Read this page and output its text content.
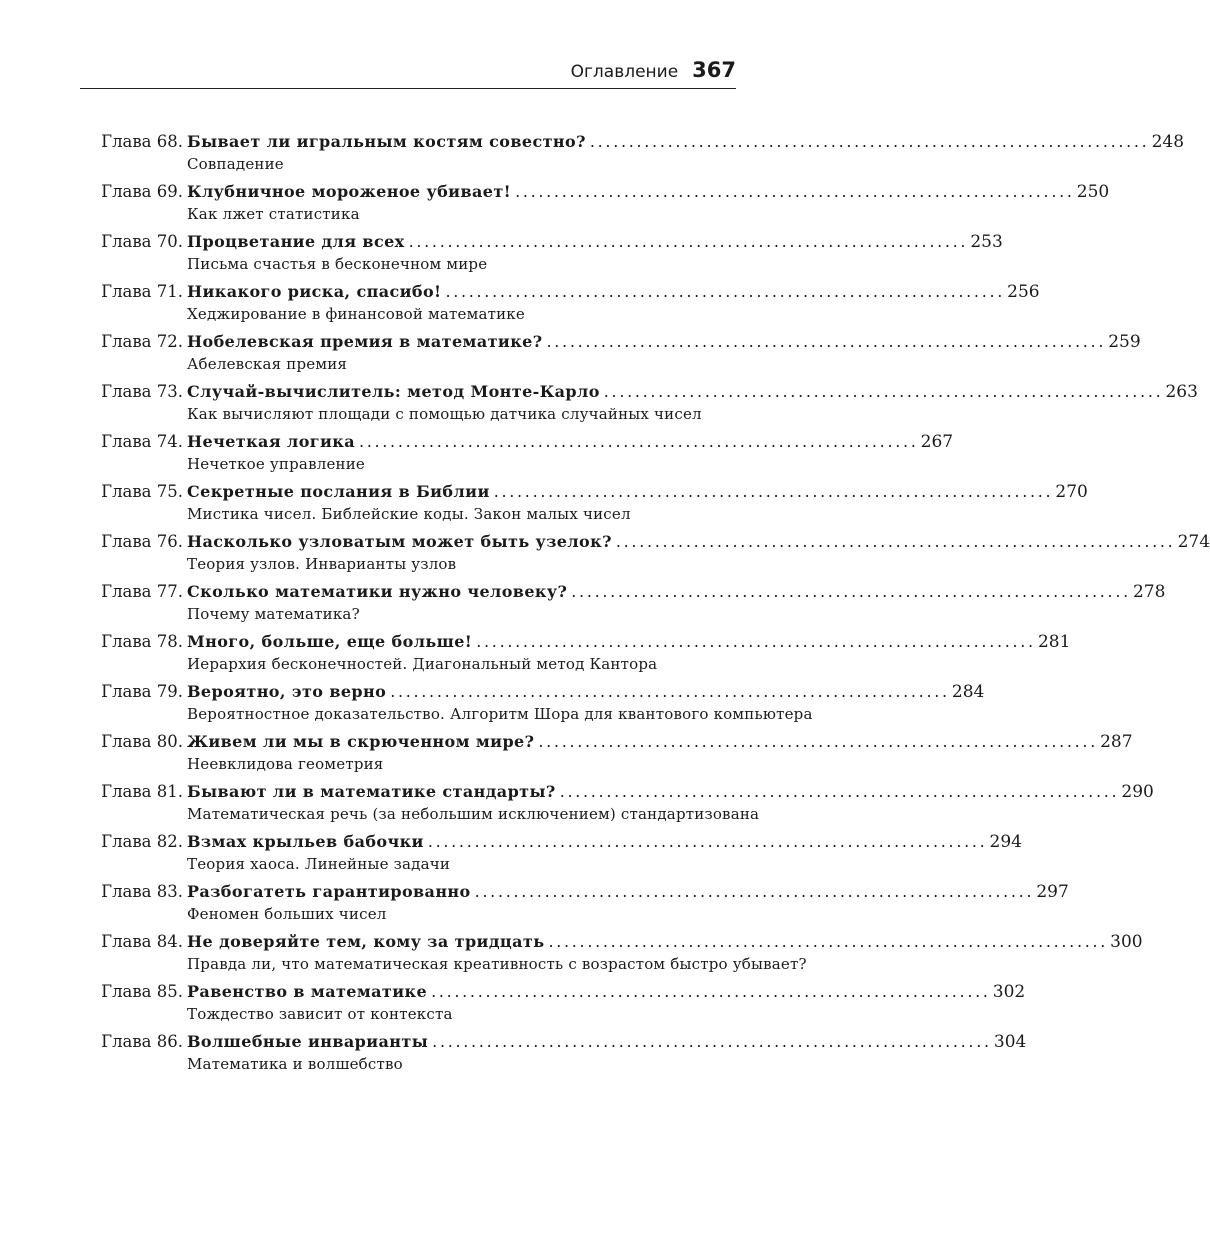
Оглавление 367
Глава 68. Бывает ли игральным костям совестно? . . .	248
Совпадение
Глава 69. Клубничное мороженое убивает! . . .	250
Как лжет статистика
Глава 70. Процветание для всех . . .	253
Письма счастья в бесконечном мире
Глава 71. Никакого риска, спасибо! . . .	256
Хеджирование в финансовой математике
Глава 72. Нобелевская премия в математике? . . .	259
Абелевская премия
Глава 73. Случай-вычислитель: метод Монте-Карло . . .	263
Как вычисляют площади с помощью датчика случайных чисел
Глава 74. Нечеткая логика . . .	267
Нечеткое управление
Глава 75. Секретные послания в Библии . . .	270
Мистика чисел. Библейские коды. Закон малых чисел
Глава 76. Насколько узловатым может быть узелок? . . .	274
Теория узлов. Инварианты узлов
Глава 77. Сколько математики нужно человеку? . . .	278
Почему математика?
Глава 78. Много, больше, еще больше! . . .	281
Иерархия бесконечностей. Диагональный метод Кантора
Глава 79. Вероятно, это верно . . .	284
Вероятностное доказательство. Алгоритм Шора для квантового компьютера
Глава 80. Живем ли мы в скрюченном мире? . . .	287
Неевклидова геометрия
Глава 81. Бывают ли в математике стандарты? . . .	290
Математическая речь (за небольшим исключением) стандартизована
Глава 82. Взмах крыльев бабочки . . .	294
Теория хаоса. Линейные задачи
Глава 83. Разбогатеть гарантированно . . .	297
Феномен больших чисел
Глава 84. Не доверяйте тем, кому за тридцать . . .	300
Правда ли, что математическая креативность с возрастом быстро убывает?
Глава 85. Равенство в математике . . .	302
Тождество зависит от контекста
Глава 86. Волшебные инварианты . . .	304
Математика и волшебство
